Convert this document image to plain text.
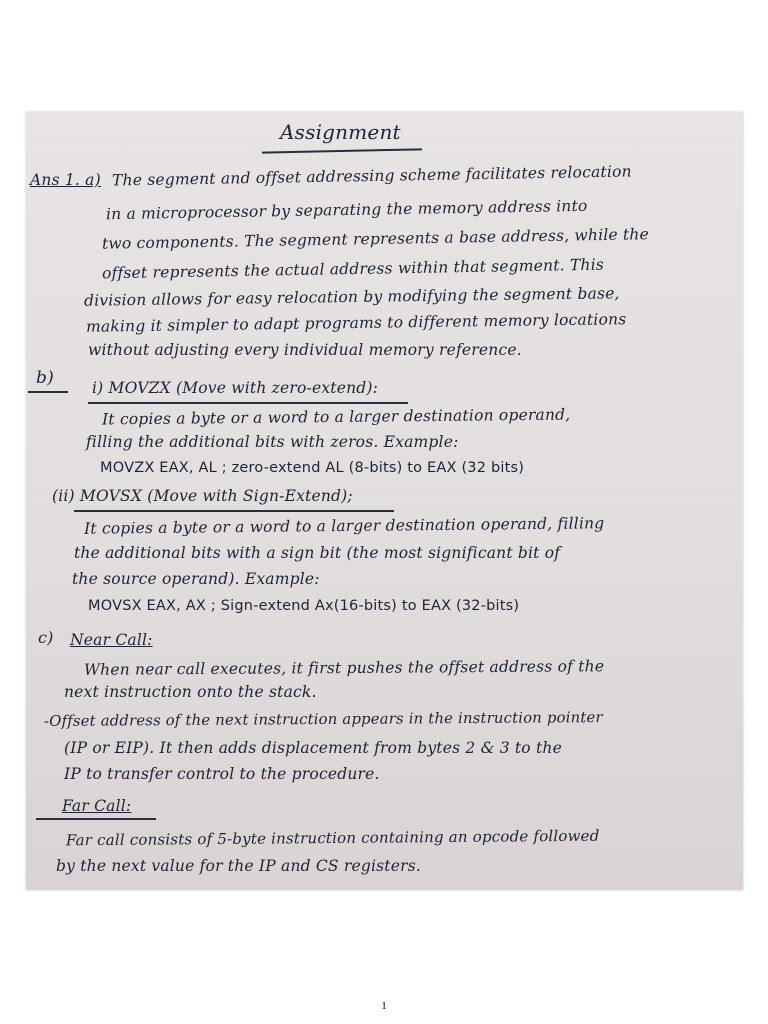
Assignment
Ans 1. a) The segment and offset addressing scheme facilitates relocation
in a microprocessor by separating the memory address into
two components. The segment represents a base address, while the
offset represents the actual address within that segment. This
division allows for easy relocation by modifying the segment base,
making it simpler to adapt programs to different memory locations
without adjusting every individual memory reference.
b) i) MOVZX (Move with zero-extend):
It copies a byte or a word to a larger destination operand,
filling the additional bits with zeros. Example:
MOVZX EAX, AL ; zero-extend AL (8-bits) to EAX (32 bits)
(ii) MOVSX (Move with Sign-Extend);
It copies a byte or a word to a larger destination operand, filling
the additional bits with a sign bit (the most significant bit of
the source operand). Example:
MOVSX EAX, AX ; Sign-extend Ax(16-bits) to EAX (32-bits)
c) Near Call:
When near call executes, it first pushes the offset address of the
next instruction onto the stack.
-Offset address of the next instruction appears in the instruction pointer
(IP or EIP). It then adds displacement from bytes 2 & 3 to the
IP to transfer control to the procedure.
Far Call:
Far call consists of 5-byte instruction containing an opcode followed
by the next value for the IP and CS registers.
1
